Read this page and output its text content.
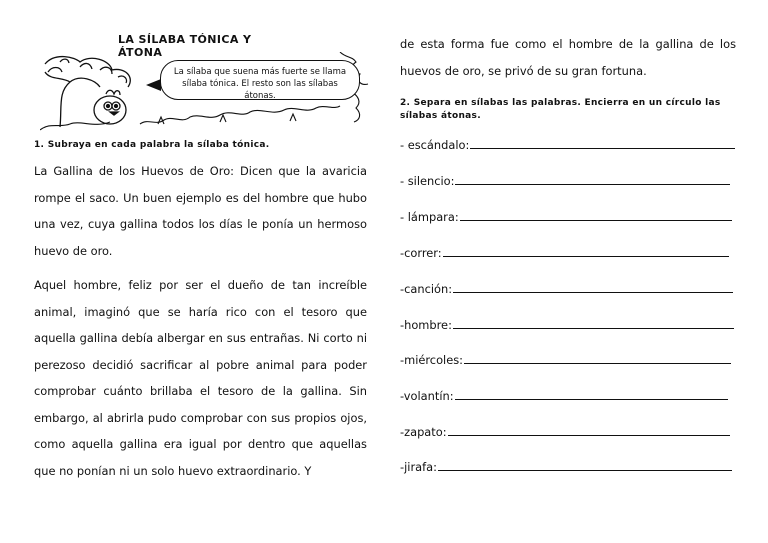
LA SÍLABA TÓNICA Y ÁTONA
La sílaba que suena más fuerte se llama
sílaba tónica. El resto son las sílabas átonas.
1. Subraya en cada palabra la sílaba tónica.
La Gallina de los Huevos de Oro: Dicen que la avaricia rompe el saco. Un buen ejemplo es del hombre que hubo una vez, cuya gallina todos los días le ponía un hermoso huevo de oro.
Aquel hombre, feliz por ser el dueño de tan increíble animal, imaginó que se haría rico con el tesoro que aquella gallina debía albergar en sus entrañas. Ni corto ni perezoso decidió sacrificar al pobre animal para poder comprobar cuánto brillaba el tesoro de la gallina. Sin embargo, al abrirla pudo comprobar con sus propios ojos, como aquella gallina era igual por dentro que aquellas que no ponían ni un solo huevo extraordinario. Y
de esta forma fue como el hombre de la gallina de los huevos de oro, se privó de su gran fortuna.
2. Separa en sílabas las palabras. Encierra en un círculo las sílabas átonas.
- escándalo:
- silencio:
- lámpara:
-correr:
-canción:
-hombre:
-miércoles:
-volantín:
-zapato:
-jirafa:
